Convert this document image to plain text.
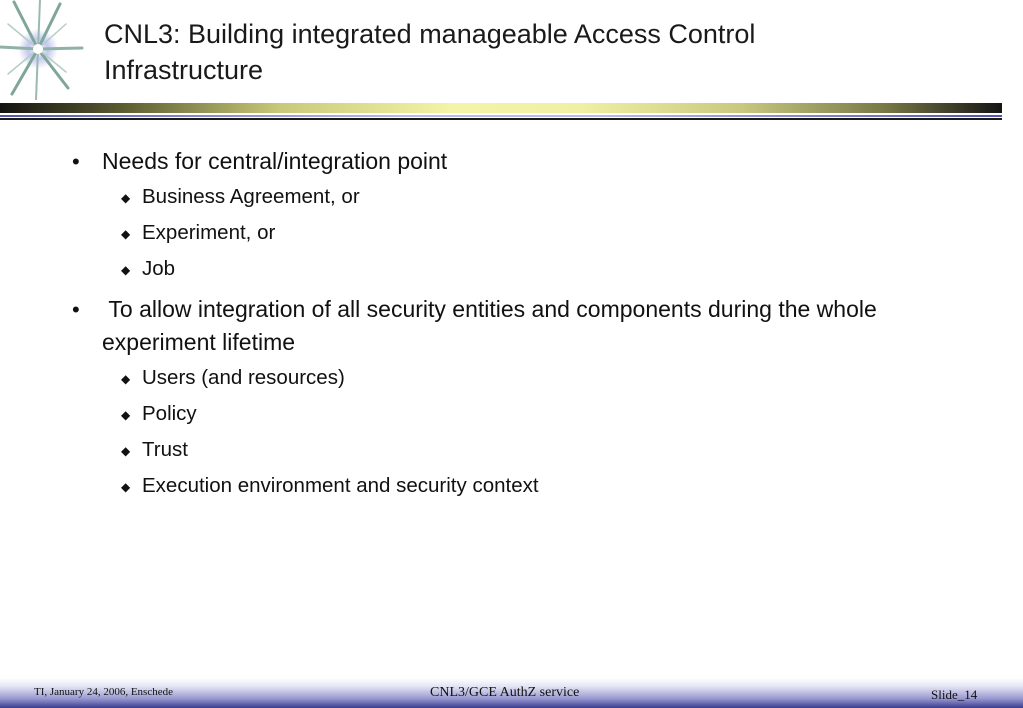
CNL3: Building integrated manageable Access Control
Infrastructure
• Needs for central/integration point
◆ Business Agreement, or
◆ Experiment, or
◆ Job
• To allow integration of all security entities and components during the whole experiment lifetime
◆ Users (and resources)
◆ Policy
◆ Trust
◆ Execution environment and security context
TI, January 24, 2006, Enschede	CNL3/GCE AuthZ service	Slide_14
